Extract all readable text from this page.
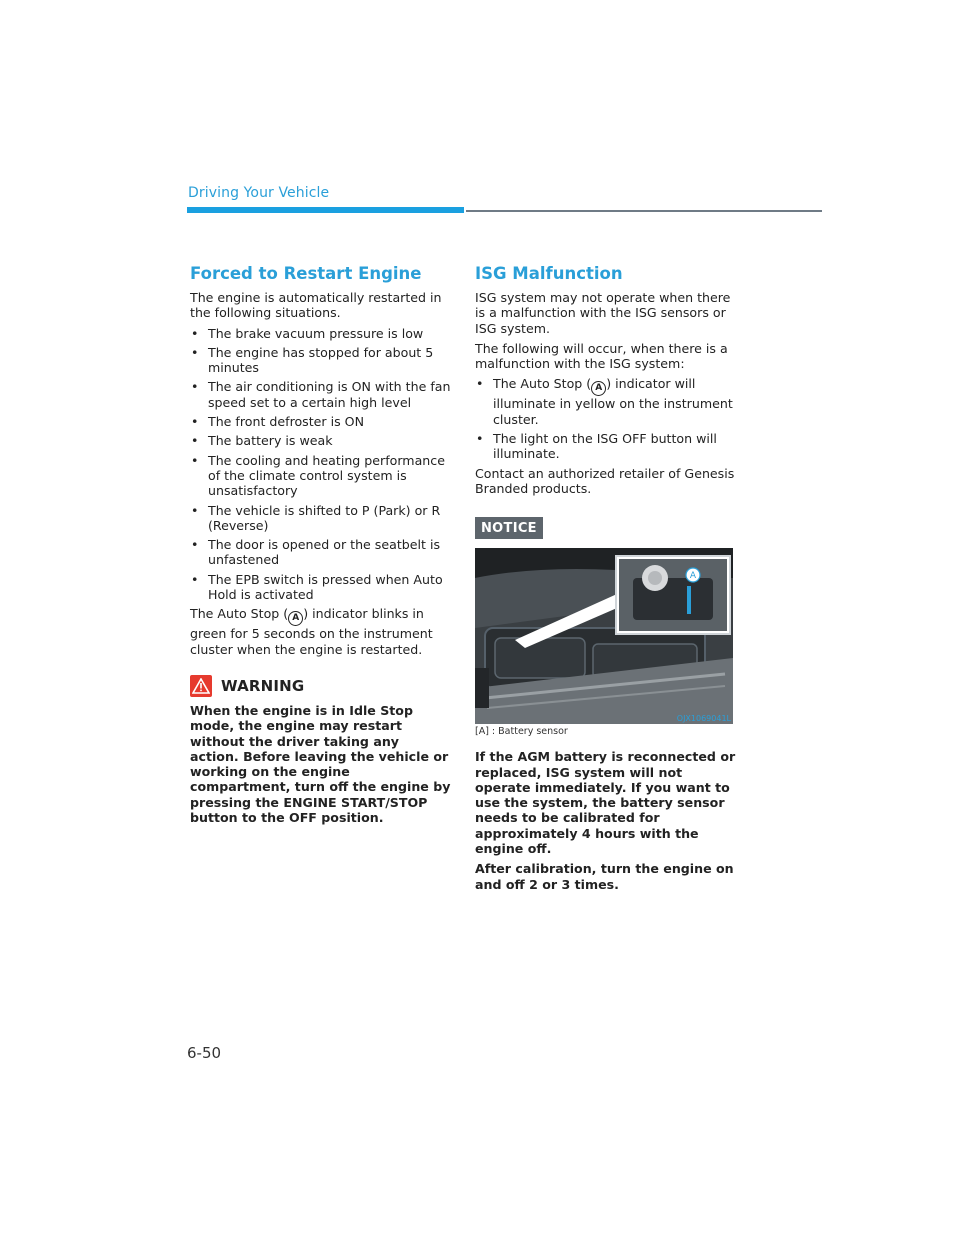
Driving Your Vehicle
Forced to Restart Engine

The engine is automatically restarted in the following situations.

• The brake vacuum pressure is low
• The engine has stopped for about 5 minutes
• The air conditioning is ON with the fan speed set to a certain high level
• The front defroster is ON
• The battery is weak
• The cooling and heating performance of the climate control system is unsatisfactory
• The vehicle is shifted to P (Park) or R (Reverse)
• The door is opened or the seatbelt is unfastened
• The EPB switch is pressed when Auto Hold is activated

The Auto Stop ( A ) indicator blinks in green for 5 seconds on the instrument cluster when the engine is restarted.

WARNING

When the engine is in Idle Stop mode, the engine may restart without the driver taking any action. Before leaving the vehicle or working on the engine compartment, turn off the engine by pressing the ENGINE START/STOP button to the OFF position.

ISG Malfunction

ISG system may not operate when there is a malfunction with the ISG sensors or ISG system.

The following will occur, when there is a malfunction with the ISG system:

• The Auto Stop ( A ) indicator will illuminate in yellow on the instrument cluster.
• The light on the ISG OFF button will illuminate.

Contact an authorized retailer of Genesis Branded products.

NOTICE
A
OJX1069041L
[A] : Battery sensor

If the AGM battery is reconnected or replaced, ISG system will not operate immediately. If you want to use the system, the battery sensor needs to be calibrated for approximately 4 hours with the engine off.

After calibration, turn the engine on and off 2 or 3 times.

6-50
